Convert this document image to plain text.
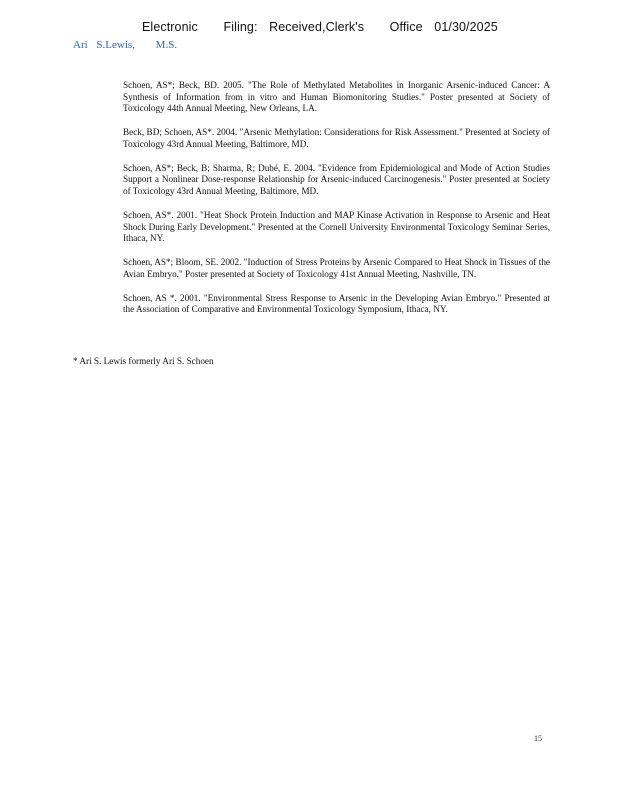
Electronic Filing: Received,Clerk's Office 01/30/2025
Ari S.Lewis, M.S.

Schoen, AS*; Beck, BD. 2005. "The Role of Methylated Metabolites in Inorganic Arsenic-induced Cancer: A Synthesis of Information from in vitro and Human Biomonitoring Studies." Poster presented at Society of Toxicology 44th Annual Meeting, New Orleans, LA.

Beck, BD; Schoen, AS*. 2004. "Arsenic Methylation: Considerations for Risk Assessment." Presented at Society of Toxicology 43rd Annual Meeting, Baltimore, MD.

Schoen, AS*; Beck, B; Sharma, R; Dubé, E. 2004. "Evidence from Epidemiological and Mode of Action Studies Support a Nonlinear Dose-response Relationship for Arsenic-induced Carcinogenesis." Poster presented at Society of Toxicology 43rd Annual Meeting, Baltimore, MD.

Schoen, AS*. 2001. "Heat Shock Protein Induction and MAP Kinase Activation in Response to Arsenic and Heat Shock During Early Development." Presented at the Cornell University Environmental Toxicology Seminar Series, Ithaca, NY.

Schoen, AS*; Bloom, SE. 2002. "Induction of Stress Proteins by Arsenic Compared to Heat Shock in Tissues of the Avian Embryo." Poster presented at Society of Toxicology 41st Annual Meeting, Nashville, TN.

Schoen, AS *. 2001. "Environmental Stress Response to Arsenic in the Developing Avian Embryo." Presented at the Association of Comparative and Environmental Toxicology Symposium, Ithaca, NY.

* Ari S. Lewis formerly Ari S. Schoen
15
